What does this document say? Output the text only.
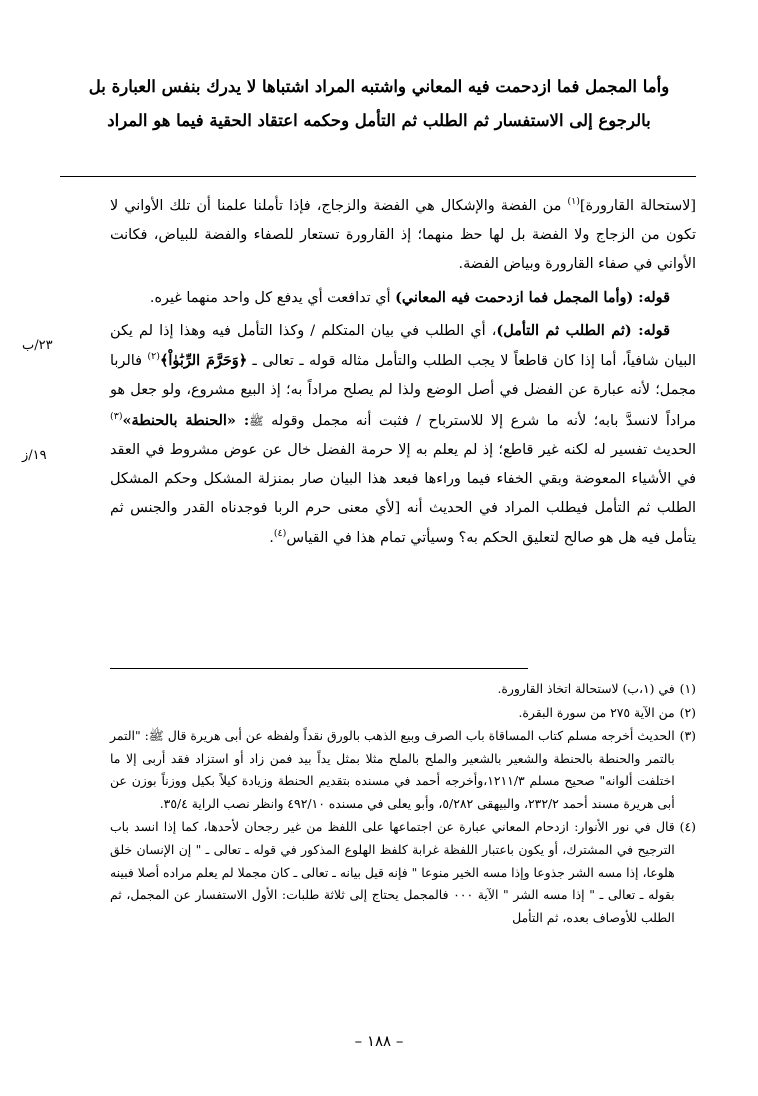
وأما المجمل فما ازدحمت فيه المعاني واشتبه المراد اشتباها لا يدرك بنفس العبارة بل
بالرجوع إلى الاستفسار ثم الطلب ثم التأمل وحكمه اعتقاد الحقية فيما هو المراد
٢٣/ب
١٩/ز

[لاستحالة القارورة]$^{(١)}$ من الفضة والإشكال هي الفضة والزجاج، فإذا تأملنا علمنا أن تلك الأواني لا تكون من الزجاج ولا الفضة بل لها حظ منهما؛ إذ القارورة تستعار للصفاء والفضة للبياض، فكانت الأواني في صفاء القارورة وبياض الفضة.

قوله: (وأما المجمل فما ازدحمت فيه المعاني) أي تدافعت أي يدفع كل واحد منهما غيره.

قوله: (ثم الطلب ثم التأمل)، أي الطلب في بيان المتكلم / وكذا التأمل فيه وهذا إذا لم يكن البيان شافياً، أما إذا كان قاطعاً لا يجب الطلب والتأمل مثاله قوله ـ تعالى ـ ﴿وَحَرَّمَ الرِّبَٰوٰاْ﴾$^{(٢)}$ فالربا مجمل؛ لأنه عبارة عن الفضل في أصل الوضع ولذا لم يصلح مراداً به؛ إذ البيع مشروع، ولو جعل هو مراداً لانسدَّ بابه؛ لأنه ما شرع إلا للاسترباح / فثبت أنه مجمل وقوله ﷺ: «الحنطة بالحنطة»$^{(٣)}$ الحديث تفسير له لكنه غير قاطع؛ إذ لم يعلم به إلا حرمة الفضل خال عن عوض مشروط في العقد في الأشياء المعوضة وبقي الخفاء فيما وراءها فبعد هذا البيان صار بمنزلة المشكل وحكم المشكل الطلب ثم التأمل فيطلب المراد في الحديث أنه [لأي معنى حرم الربا فوجدناه القدر والجنس ثم يتأمل فيه هل هو صالح لتعليق الحكم به؟ وسيأتي تمام هذا في القياس$^{(٤)}$.

(١)
في (١،ب) لاستحالة اتخاذ القارورة.
(٢)
من الآية ٢٧٥ من سورة البقرة.
(٣)
الحديث أخرجه مسلم كتاب المساقاة باب الصرف وبيع الذهب بالورق نقداً ولفظه عن أبى هريرة قال ﷺ: "التمر بالتمر والحنطة بالحنطة والشعير بالشعير والملح بالملح مثلا بمثل يداً بيد فمن زاد أو استزاد فقد أربى إلا ما اختلفت ألوانه" صحيح مسلم ١٢١١/٣،وأخرجه أحمد في مسنده بتقديم الحنطة وزيادة كيلاً بكيل ووزناً بوزن عن أبى هريرة مسند أحمد ٢٣٢/٢، والبيهقى ٥/٢٨٢، وأبو يعلى في مسنده ٤٩٢/١٠ وانظر نصب الراية ٣٥/٤.
(٤)
قال في نور الأنوار: ازدحام المعاني عبارة عن اجتماعها على اللفظ من غير رجحان لأحدها، كما إذا انسد باب الترجيح في المشترك، أو يكون باعتبار اللفظة غرابة كلفظ الهلوع المذكور في قوله ـ تعالى ـ " إن الإنسان خلق هلوعا، إذا مسه الشر جذوعا وإذا مسه الخير منوعا " فإنه قيل بيانه ـ تعالى ـ كان مجملا لم يعلم مراده أصلا فبينه بقوله ـ تعالى ـ " إذا مسه الشر " الآية ٠٠٠ فالمجمل يحتاج إلى ثلاثة طلبات: الأول الاستفسار عن المجمل، ثم الطلب للأوصاف بعده، ثم التأمل
– ١٨٨ –
